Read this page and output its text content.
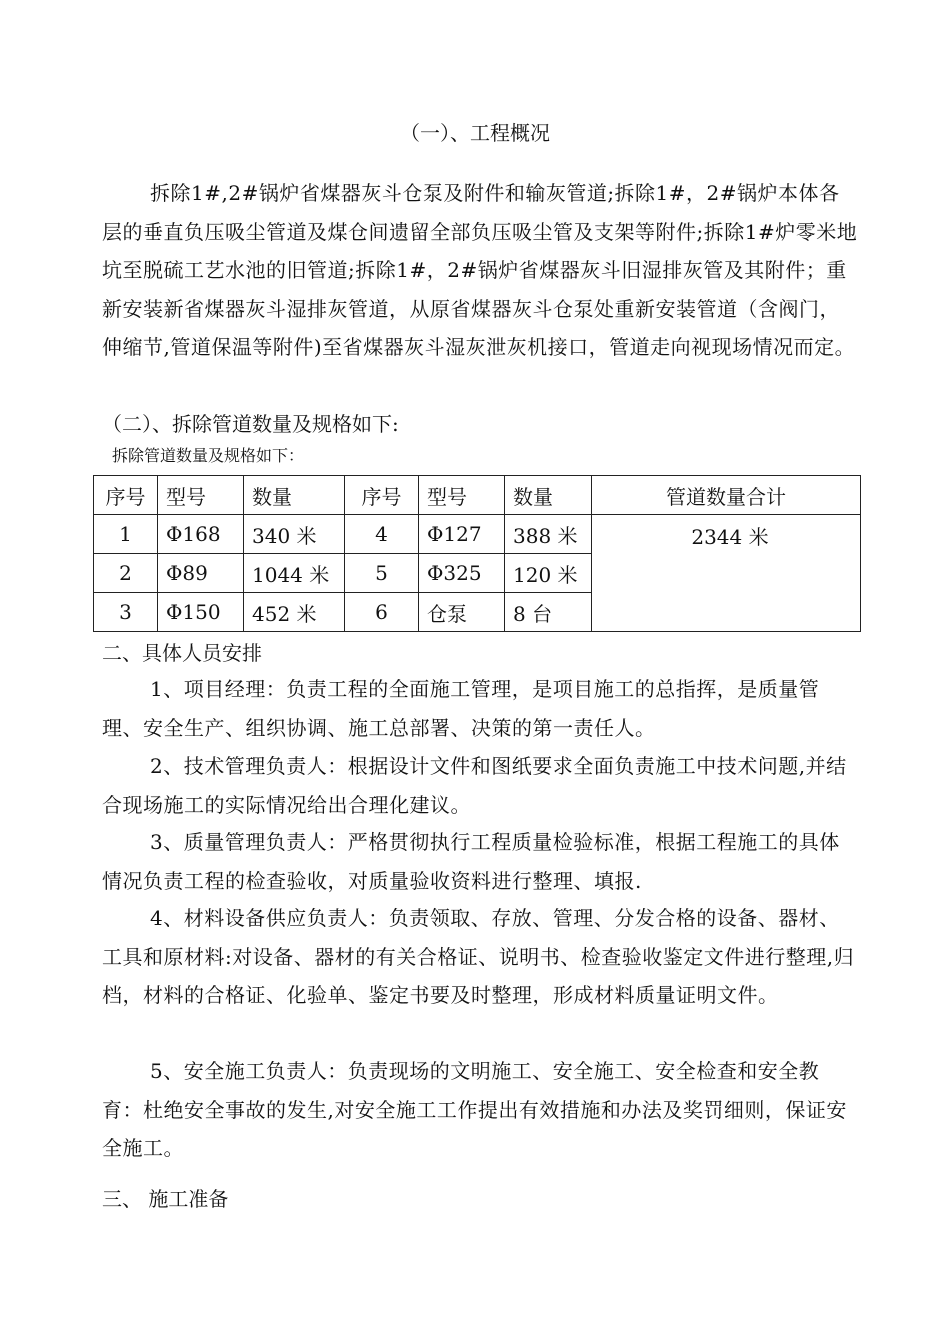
（一）、工程概况
拆除1#,2#锅炉省煤器灰斗仓泵及附件和输灰管道;拆除1#，2#锅炉本体各层的垂直负压吸尘管道及煤仓间遗留全部负压吸尘管及支架等附件;拆除1#炉零米地坑至脱硫工艺水池的旧管道;拆除1#，2#锅炉省煤器灰斗旧湿排灰管及其附件；重新安装新省煤器灰斗湿排灰管道，从原省煤器灰斗仓泵处重新安装管道（含阀门，伸缩节,管道保温等附件)至省煤器灰斗湿灰泄灰机接口，管道走向视现场情况而定。
（二）、拆除管道数量及规格如下:
拆除管道数量及规格如下：
序号	型号	数量	序号	型号	数量	管道数量合计
1	Φ168	340 米	4	Φ127	388 米	2344 米
2	Φ89	1044 米	5	Φ325	120 米	
3	Φ150	452 米	6	仓泵	8 台	
二、具体人员安排
1、项目经理：负责工程的全面施工管理，是项目施工的总指挥，是质量管理、安全生产、组织协调、施工总部署、决策的第一责任人。
2、技术管理负责人：根据设计文件和图纸要求全面负责施工中技术问题,并结合现场施工的实际情况给出合理化建议。
3、质量管理负责人：严格贯彻执行工程质量检验标准，根据工程施工的具体情况负责工程的检查验收，对质量验收资料进行整理、填报.
4、材料设备供应负责人：负责领取、存放、管理、分发合格的设备、器材、工具和原材料:对设备、器材的有关合格证、说明书、检查验收鉴定文件进行整理,归档，材料的合格证、化验单、鉴定书要及时整理，形成材料质量证明文件。
5、安全施工负责人：负责现场的文明施工、安全施工、安全检查和安全教育：杜绝安全事故的发生,对安全施工工作提出有效措施和办法及奖罚细则，保证安全施工。
三、 施工准备
